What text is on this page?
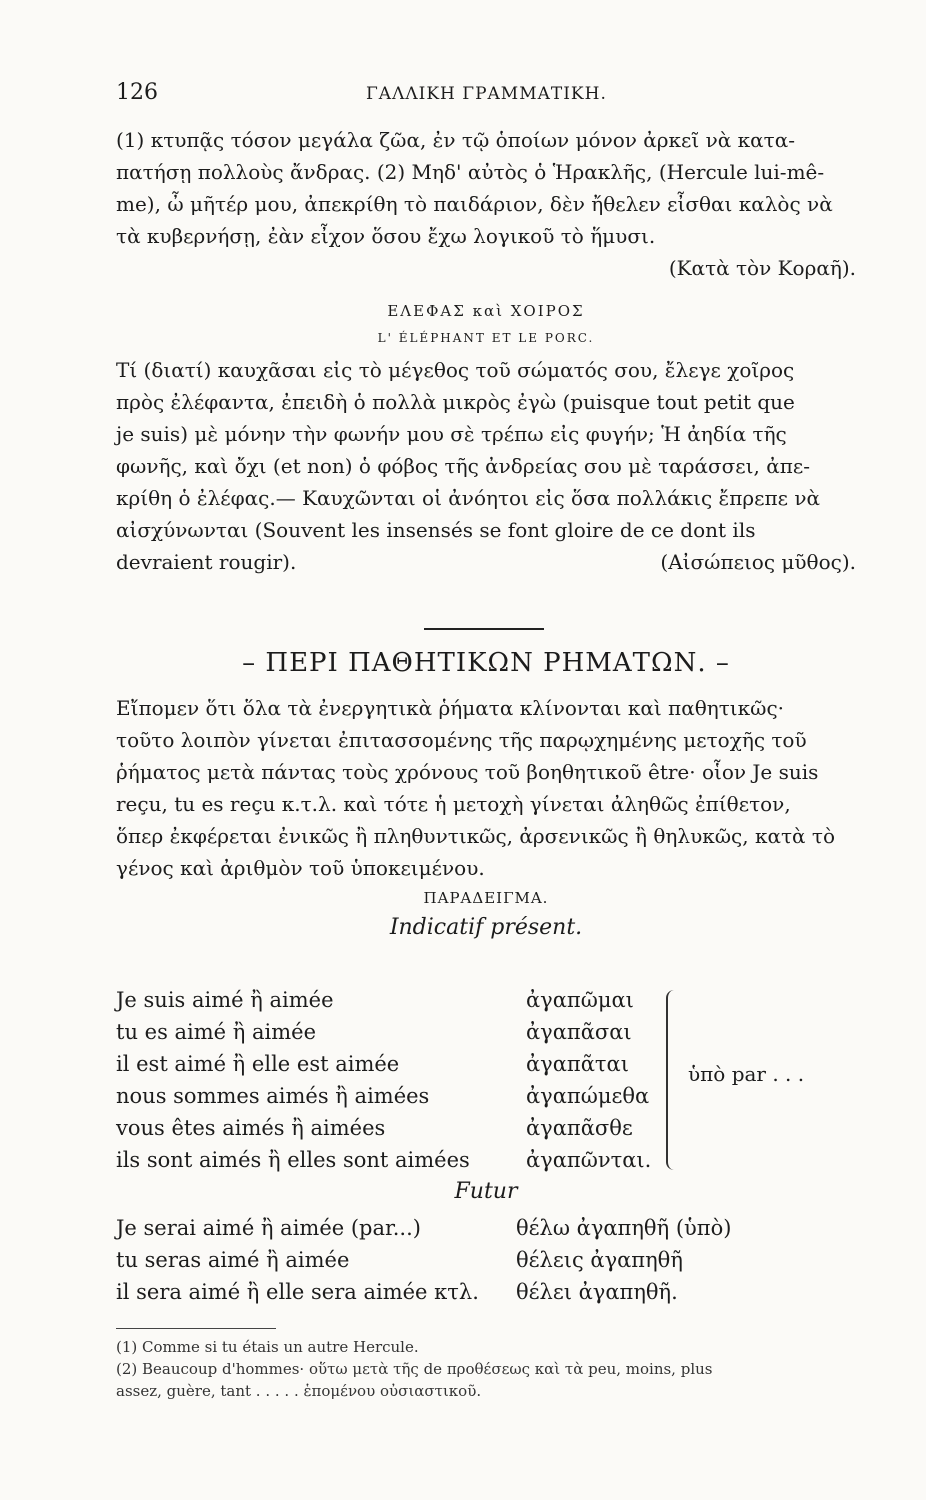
126	ΓΑΛΛΙΚΗ ΓΡΑΜΜΑΤΙΚΗ.

(1) κτυπᾷς τόσον μεγάλα ζῶα, ἐν τῷ ὁποίων μόνον ἀρκεῖ νὰ κατα-

πατήσῃ πολλοὺς ἄνδρας. (2) Μηδ' αὐτὸς ὁ Ἡρακλῆς, (Hercule lui-mê-

me), ὦ μῆτέρ μου, ἀπεκρίθη τὸ παιδάριον, δὲν ἤθελεν εἶσθαι καλὸς νὰ

τὰ κυβερνήσῃ, ἐὰν εἶχον ὅσου ἔχω λογικοῦ τὸ ἥμυσι.

(Κατὰ τὸν Κοραῆ).

ΕΛΕΦΑΣ καὶ ΧΟΙΡΟΣ

L' ÉLÉPHANT ET LE PORC.

Τί (διατί) καυχᾶσαι εἰς τὸ μέγεθος τοῦ σώματός σου, ἔλεγε χοῖρος

πρὸς ἐλέφαντα, ἐπειδὴ ὁ πολλὰ μικρὸς ἐγὼ (puisque tout petit que

je suis) μὲ μόνην τὴν φωνήν μου σὲ τρέπω εἰς φυγήν; Ἡ ἀηδία τῆς

φωνῆς, καὶ ὄχι (et non) ὁ φόβος τῆς ἀνδρείας σου μὲ ταράσσει, ἀπε-

κρίθη ὁ ἐλέφας.— Καυχῶνται οἱ ἀνόητοι εἰς ὅσα πολλάκις ἔπρεπε νὰ

αἰσχύνωνται (Souvent les insensés se font gloire de ce dont ils

devraient rougir).	(Αἰσώπειος μῦθος).

– ΠΕΡΙ ΠΑΘΗΤΙΚΩΝ ΡΗΜΑΤΩΝ. –

Εἴπομεν ὅτι ὅλα τὰ ἐνεργητικὰ ῥήματα κλίνονται καὶ παθητικῶς·

τοῦτο λοιπὸν γίνεται ἐπιτασσομένης τῆς παρῳχημένης μετοχῆς τοῦ

ῥήματος μετὰ πάντας τοὺς χρόνους τοῦ βοηθητικοῦ être· οἷον Je suis

reçu, tu es reçu κ.τ.λ. καὶ τότε ἡ μετοχὴ γίνεται ἀληθῶς ἐπίθετον,

ὅπερ ἐκφέρεται ἐνικῶς ἢ πληθυντικῶς, ἀρσενικῶς ἢ θηλυκῶς, κατὰ τὸ

γένος καὶ ἀριθμὸν τοῦ ὑποκειμένου.

ΠΑΡΑΔΕΙΓΜΑ.
Indicatif présent.
Je suis aimé ἢ aimée	ἀγαπῶμαι
tu es aimé ἢ aimée	ἀγαπᾶσαι
il est aimé ἢ elle est aimée	ἀγαπᾶται
nous sommes aimés ἢ aimées	ἀγαπώμεθα
vous êtes aimés ἢ aimées	ἀγαπᾶσθε
ils sont aimés ἢ elles sont aimées	ἀγαπῶνται.
ὑπὸ par . . .
Futur
Je serai aimé ἢ aimée (par...)	θέλω ἀγαπηθῆ (ὑπὸ)
tu seras aimé ἢ aimée	θέλεις ἀγαπηθῆ
il sera aimé ἢ elle sera aimée κτλ. θέλει ἀγαπηθῆ.

(1) Comme si tu étais un autre Hercule.

(2) Beaucoup d'hommes· οὕτω μετὰ τῆς de προθέσεως καὶ τὰ peu, moins, plus

assez, guère, tant . . . . . ἑπομένου οὐσιαστικοῦ.
